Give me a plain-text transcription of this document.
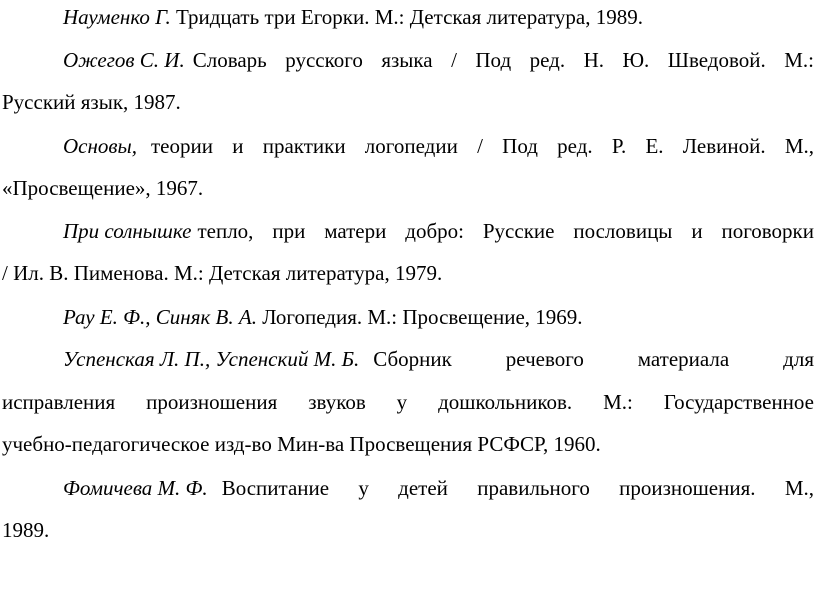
Науменко Г. Тридцать три Егорки. М.: Детская литература, 1989.
Ожегов С. И. Словарь русского языка / Под ред. Н. Ю. Шведовой. М.:
Русский язык, 1987.
Основы, теории и практики логопедии / Под ред. Р. Е. Левиной. М.,
«Просвещение», 1967.
При солнышке тепло, при матери добро: Русские пословицы и поговорки
/ Ил. В. Пименова. М.: Детская литература, 1979.
Рау Е. Ф., Синяк В. А. Логопедия. М.: Просвещение, 1969.
Успенская Л. П., Успенский М. Б. Сборник речевого материала для
исправления произношения звуков у дошкольников. М.: Государственное
учебно-педагогическое изд-во Мин-ва Просвещения РСФСР, 1960.
Фомичева М. Ф. Воспитание у детей правильного произношения. М.,
1989.
